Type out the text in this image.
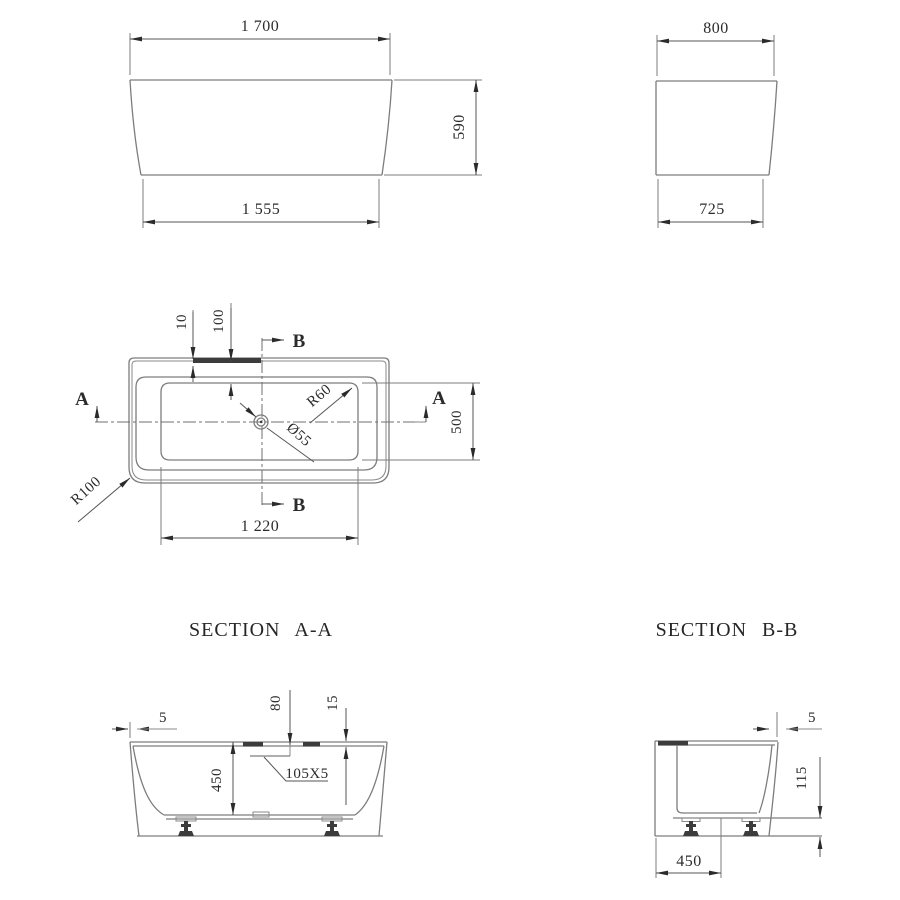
1 700
1 555
590
800
725
10 100
B
B
A	A
R60
Ø55
R100
500
1 220
SECTION A-A
450
80	15
5
105X5
SECTION B-B
5
115
450
